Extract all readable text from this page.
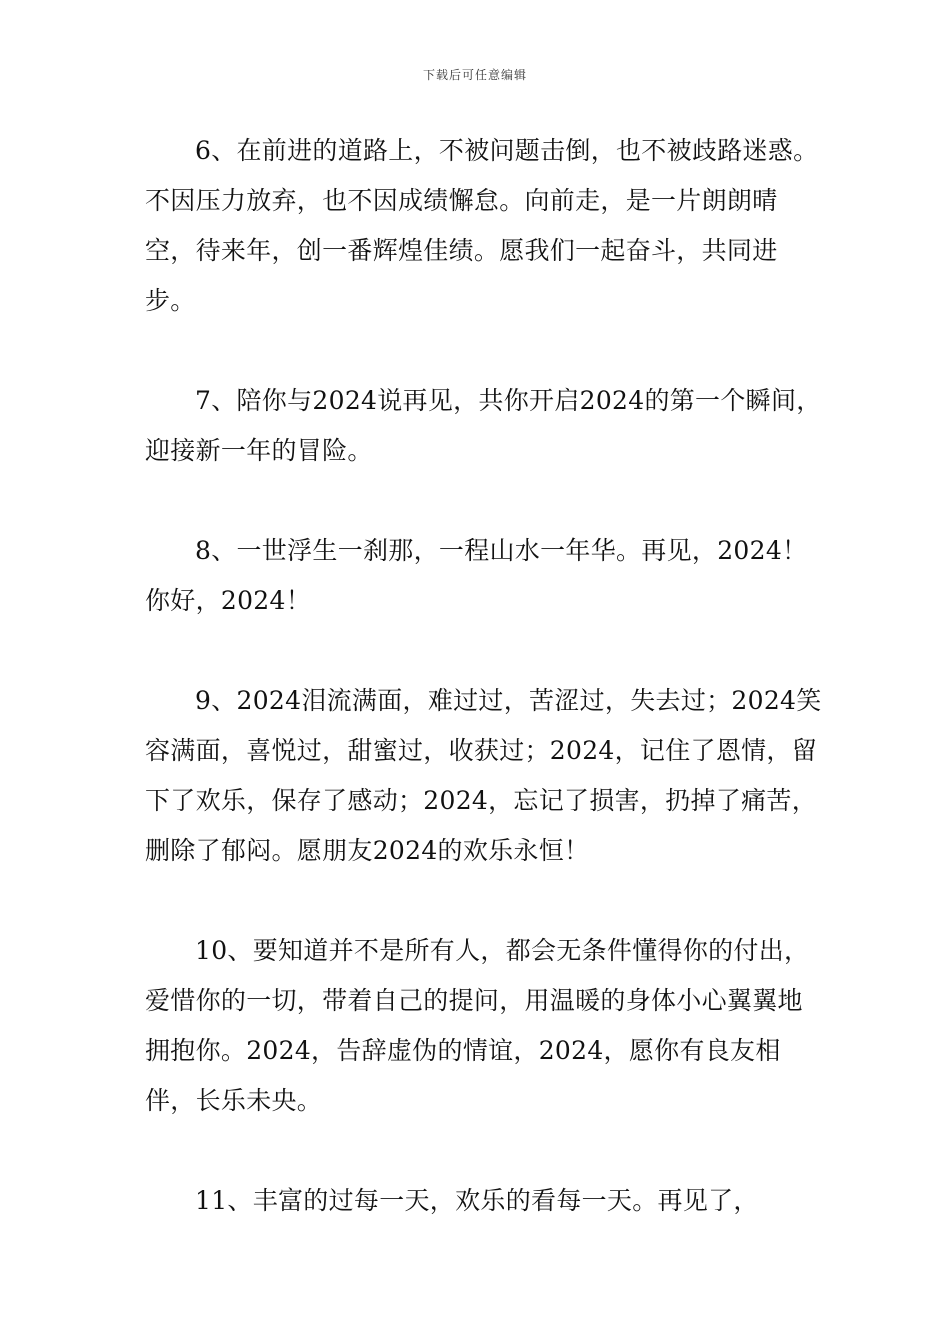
下载后可任意编辑

6、在前进的道路上，不被问题击倒，也不被歧路迷惑。不因压力放弃，也不因成绩懈怠。向前走，是一片朗朗晴空，待来年，创一番辉煌佳绩。愿我们一起奋斗，共同进步。

7、陪你与2024说再见，共你开启2024的第一个瞬间，迎接新一年的冒险。

8、一世浮生一刹那，一程山水一年华。再见，2024！你好，2024！

9、2024泪流满面，难过过，苦涩过，失去过；2024笑容满面，喜悦过，甜蜜过，收获过；2024，记住了恩情，留下了欢乐，保存了感动；2024，忘记了损害，扔掉了痛苦，删除了郁闷。愿朋友2024的欢乐永恒！

10、要知道并不是所有人，都会无条件懂得你的付出，爱惜你的一切，带着自己的提问，用温暖的身体小心翼翼地拥抱你。2024，告辞虚伪的情谊，2024，愿你有良友相伴，长乐未央。

11、丰富的过每一天，欢乐的看每一天。再见了，
